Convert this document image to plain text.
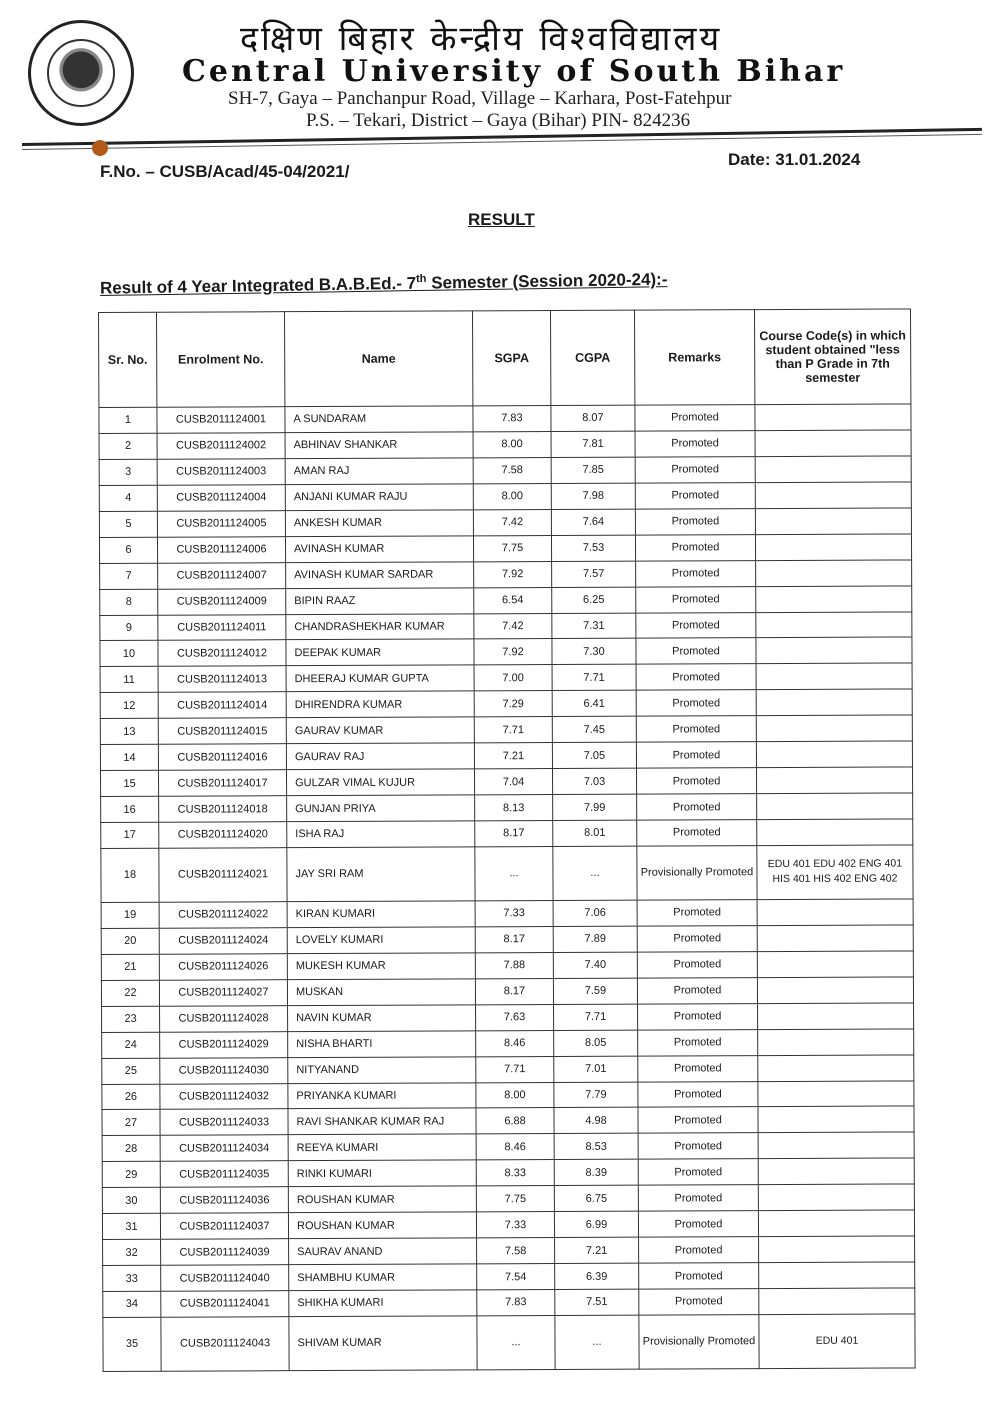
दक्षिण बिहार केन्द्रीय विश्वविद्यालय
Central University of South Bihar
SH-7, Gaya – Panchanpur Road, Village – Karhara, Post-Fatehpur
P.S. – Tekari, District – Gaya (Bihar) PIN- 824236
F.No. – CUSB/Acad/45-04/2021/
Date: 31.01.2024
RESULT
Result of 4 Year Integrated B.A.B.Ed.- 7th Semester (Session 2020-24):-
Sr. No.	Enrolment No.	Name	SGPA	CGPA	Remarks	Course Code(s) in which student obtained "less than P Grade in 7th semester
1	CUSB2011124001	A SUNDARAM	7.83	8.07	Promoted	
2	CUSB2011124002	ABHINAV SHANKAR	8.00	7.81	Promoted	
3	CUSB2011124003	AMAN RAJ	7.58	7.85	Promoted	
4	CUSB2011124004	ANJANI KUMAR RAJU	8.00	7.98	Promoted	
5	CUSB2011124005	ANKESH KUMAR	7.42	7.64	Promoted	
6	CUSB2011124006	AVINASH KUMAR	7.75	7.53	Promoted	
7	CUSB2011124007	AVINASH KUMAR SARDAR	7.92	7.57	Promoted	
8	CUSB2011124009	BIPIN RAAZ	6.54	6.25	Promoted	
9	CUSB2011124011	CHANDRASHEKHAR KUMAR	7.42	7.31	Promoted	
10	CUSB2011124012	DEEPAK KUMAR	7.92	7.30	Promoted	
11	CUSB2011124013	DHEERAJ KUMAR GUPTA	7.00	7.71	Promoted	
12	CUSB2011124014	DHIRENDRA KUMAR	7.29	6.41	Promoted	
13	CUSB2011124015	GAURAV KUMAR	7.71	7.45	Promoted	
14	CUSB2011124016	GAURAV RAJ	7.21	7.05	Promoted	
15	CUSB2011124017	GULZAR VIMAL KUJUR	7.04	7.03	Promoted	
16	CUSB2011124018	GUNJAN PRIYA	8.13	7.99	Promoted	
17	CUSB2011124020	ISHA RAJ	8.17	8.01	Promoted	
18	CUSB2011124021	JAY SRI RAM	...	...	Provisionally Promoted	EDU 401 EDU 402 ENG 401 HIS 401 HIS 402 ENG 402
19	CUSB2011124022	KIRAN KUMARI	7.33	7.06	Promoted	
20	CUSB2011124024	LOVELY KUMARI	8.17	7.89	Promoted	
21	CUSB2011124026	MUKESH KUMAR	7.88	7.40	Promoted	
22	CUSB2011124027	MUSKAN	8.17	7.59	Promoted	
23	CUSB2011124028	NAVIN KUMAR	7.63	7.71	Promoted	
24	CUSB2011124029	NISHA BHARTI	8.46	8.05	Promoted	
25	CUSB2011124030	NITYANAND	7.71	7.01	Promoted	
26	CUSB2011124032	PRIYANKA KUMARI	8.00	7.79	Promoted	
27	CUSB2011124033	RAVI SHANKAR KUMAR RAJ	6.88	4.98	Promoted	
28	CUSB2011124034	REEYA KUMARI	8.46	8.53	Promoted	
29	CUSB2011124035	RINKI KUMARI	8.33	8.39	Promoted	
30	CUSB2011124036	ROUSHAN KUMAR	7.75	6.75	Promoted	
31	CUSB2011124037	ROUSHAN KUMAR	7.33	6.99	Promoted	
32	CUSB2011124039	SAURAV ANAND	7.58	7.21	Promoted	
33	CUSB2011124040	SHAMBHU KUMAR	7.54	6.39	Promoted	
34	CUSB2011124041	SHIKHA KUMARI	7.83	7.51	Promoted	
35	CUSB2011124043	SHIVAM KUMAR	...	...	Provisionally Promoted	EDU 401
